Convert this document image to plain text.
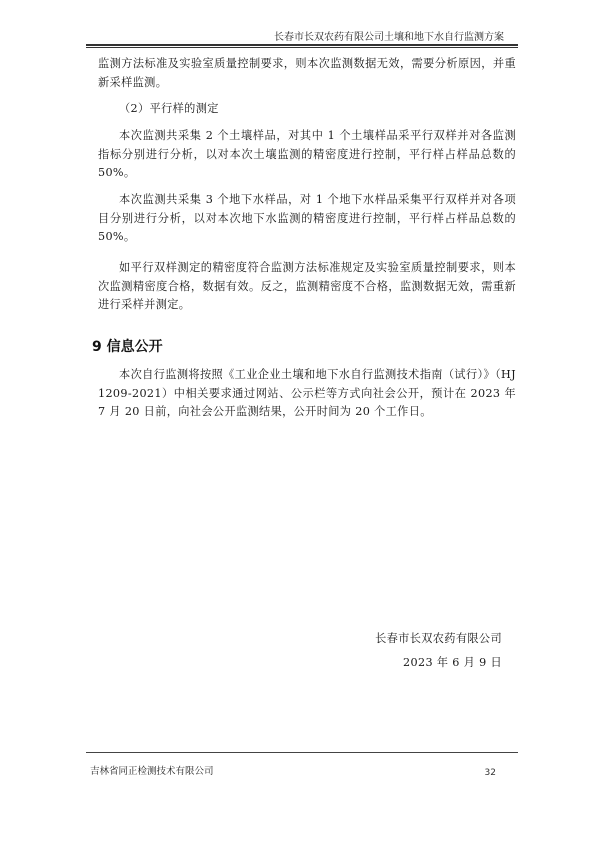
长春市长双农药有限公司土壤和地下水自行监测方案
监测方法标准及实验室质量控制要求，则本次监测数据无效，需要分析原因，并重新采样监测。
（2）平行样的测定
本次监测共采集 2 个土壤样品，对其中 1 个土壤样品采平行双样并对各监测指标分别进行分析，以对本次土壤监测的精密度进行控制，平行样占样品总数的 50%。
本次监测共采集 3 个地下水样品，对 1 个地下水样品采集平行双样并对各项目分别进行分析，以对本次地下水监测的精密度进行控制，平行样占样品总数的 50%。
如平行双样测定的精密度符合监测方法标准规定及实验室质量控制要求，则本次监测精密度合格，数据有效。反之，监测精密度不合格，监测数据无效，需重新进行采样并测定。
9 信息公开
本次自行监测将按照《工业企业土壤和地下水自行监测技术指南（试行）》（HJ 1209-2021）中相关要求通过网站、公示栏等方式向社会公开，预计在 2023 年 7 月 20 日前，向社会公开监测结果，公开时间为 20 个工作日。
长春市长双农药有限公司
2023 年 6 月 9 日
吉林省同正检测技术有限公司	32
